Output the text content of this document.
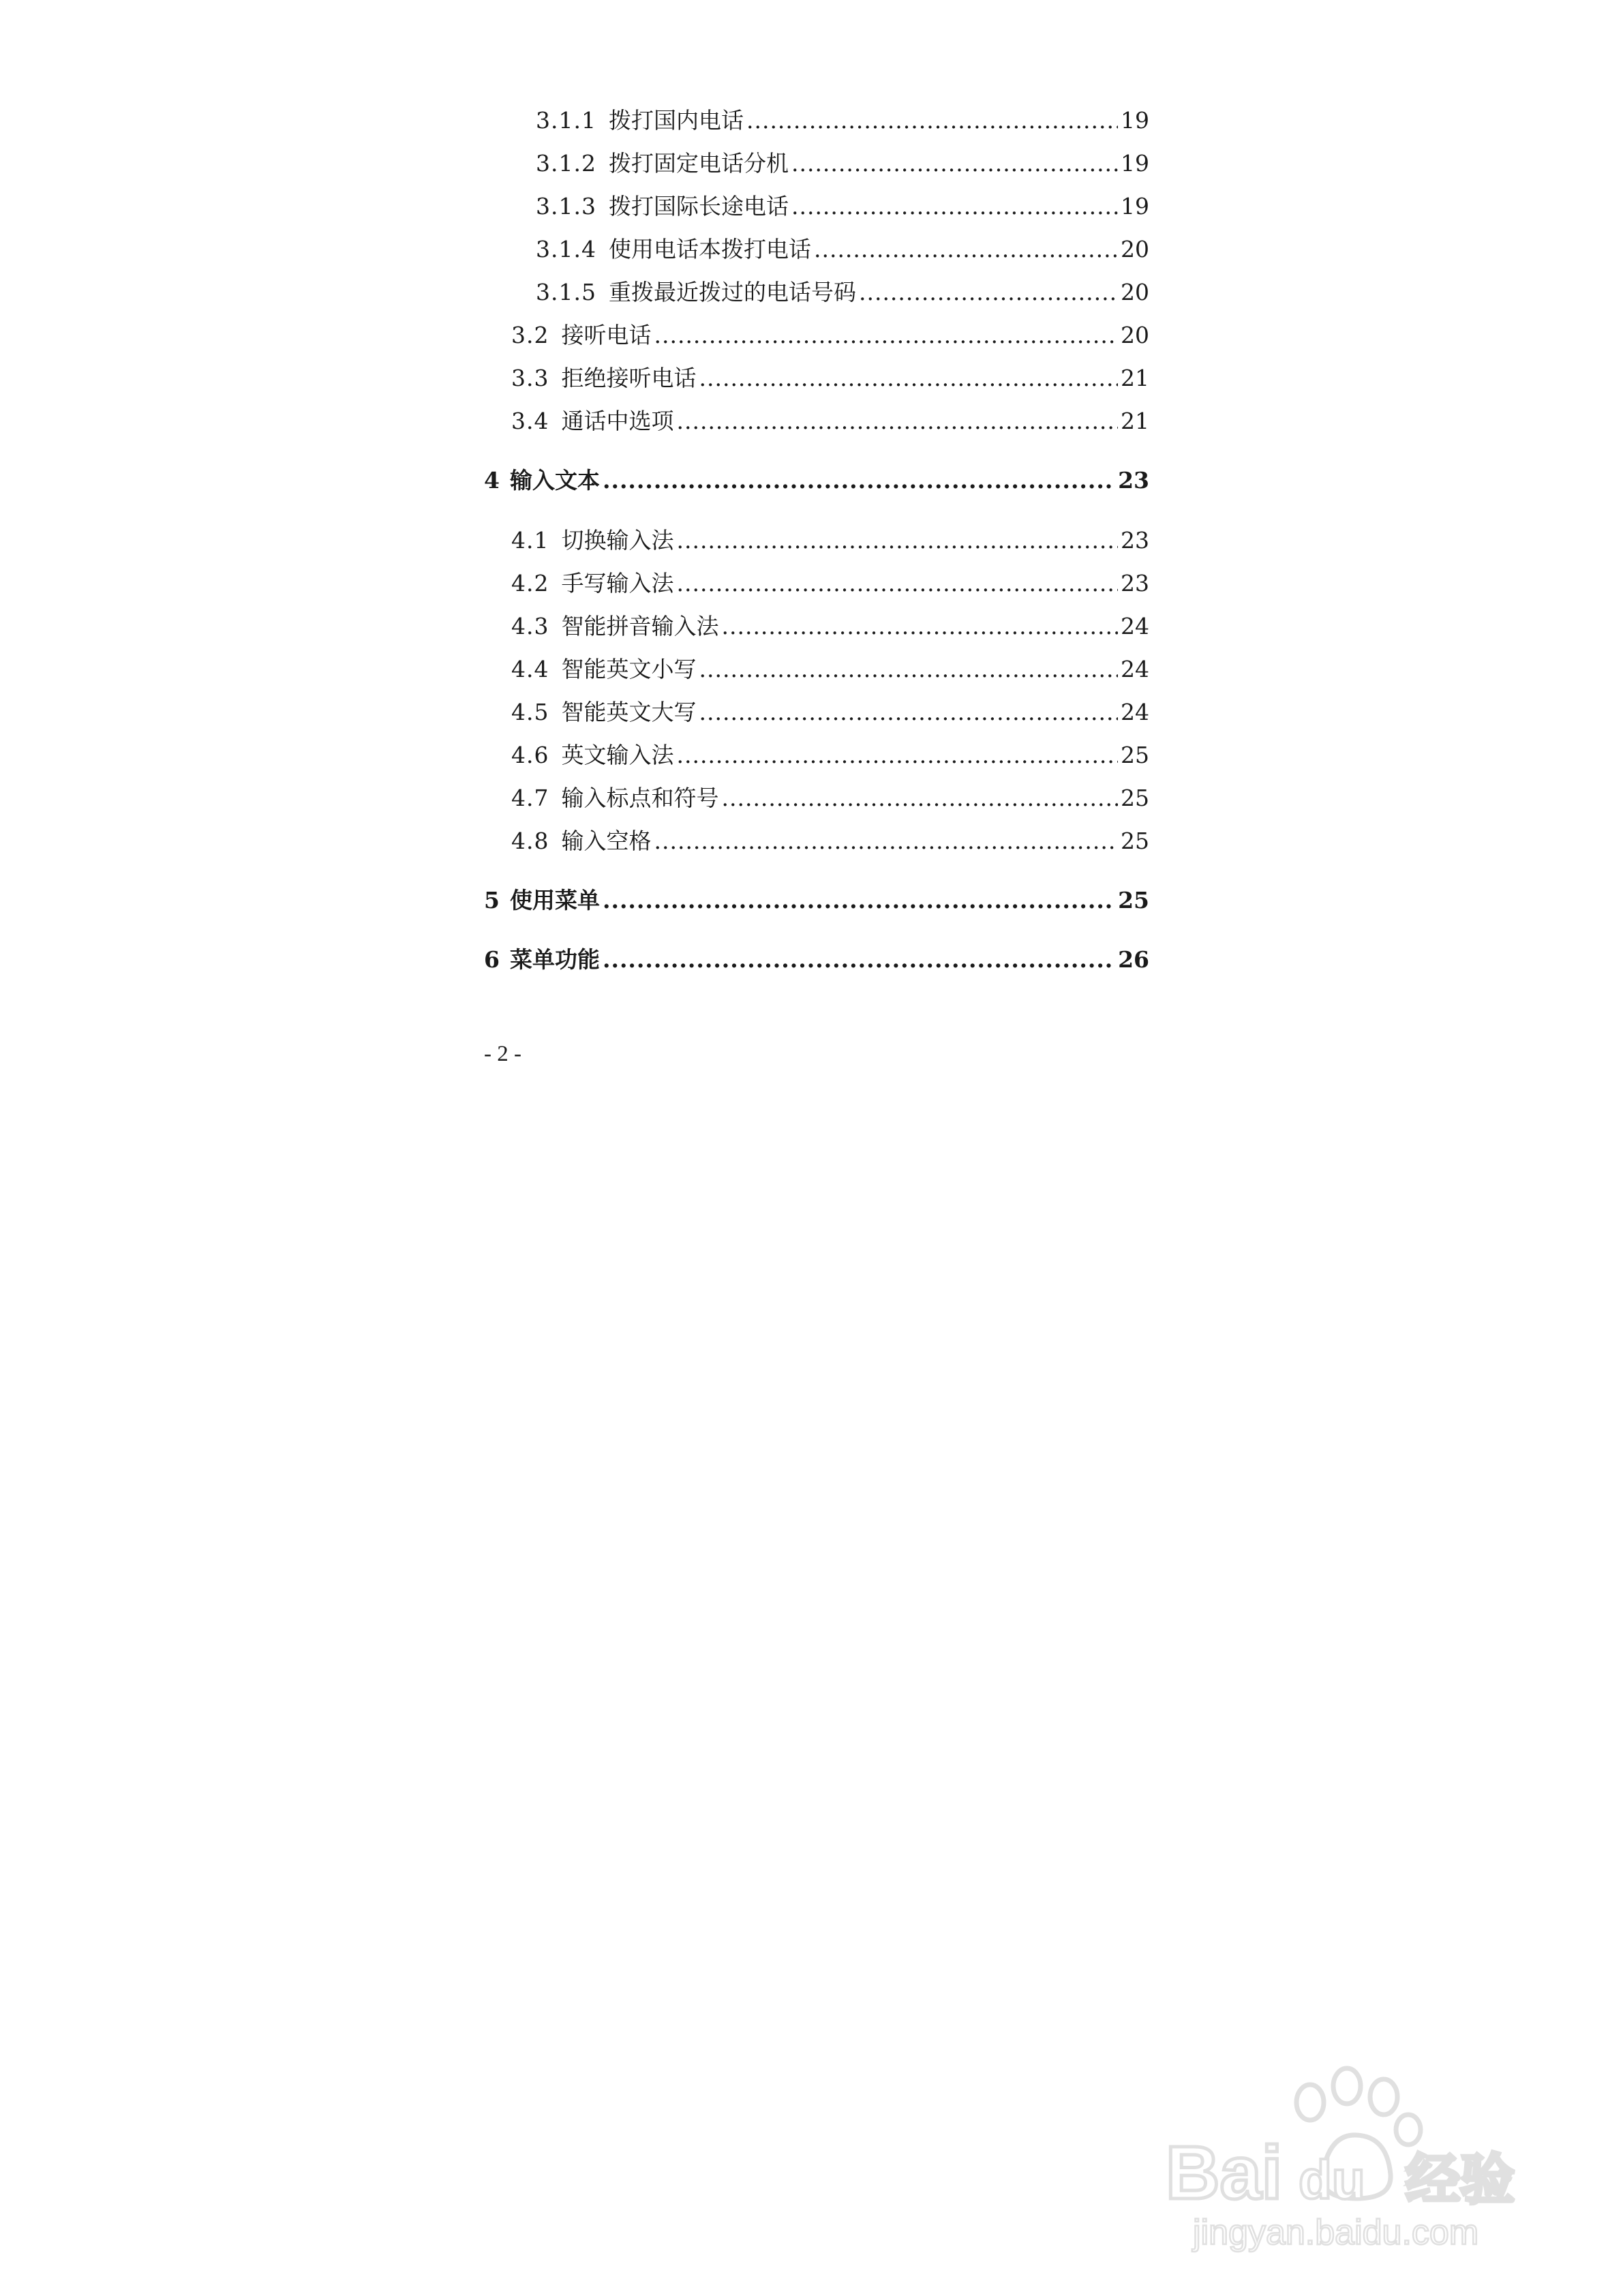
3.1.1 拨打国内电话 .....	19
3.1.2 拨打固定电话分机 .....	19
3.1.3 拨打国际长途电话 .....	19
3.1.4 使用电话本拨打电话 .....	20
3.1.5 重拨最近拨过的电话号码 .....	20
3.2 接听电话 .....	20
3.3 拒绝接听电话 .....	21
3.4 通话中选项 .....	21
4 输入文本 .....	23
4.1 切换输入法 .....	23
4.2 手写输入法 .....	23
4.3 智能拼音输入法 .....	24
4.4 智能英文小写 .....	24
4.5 智能英文大写 .....	24
4.6 英文输入法 .....	25
4.7 输入标点和符号 .....	25
4.8 输入空格 .....	25
5 使用菜单 .....	25
6 菜单功能 .....	26
- 2 -
Bai 经验
du
jingyan.baidu.com
